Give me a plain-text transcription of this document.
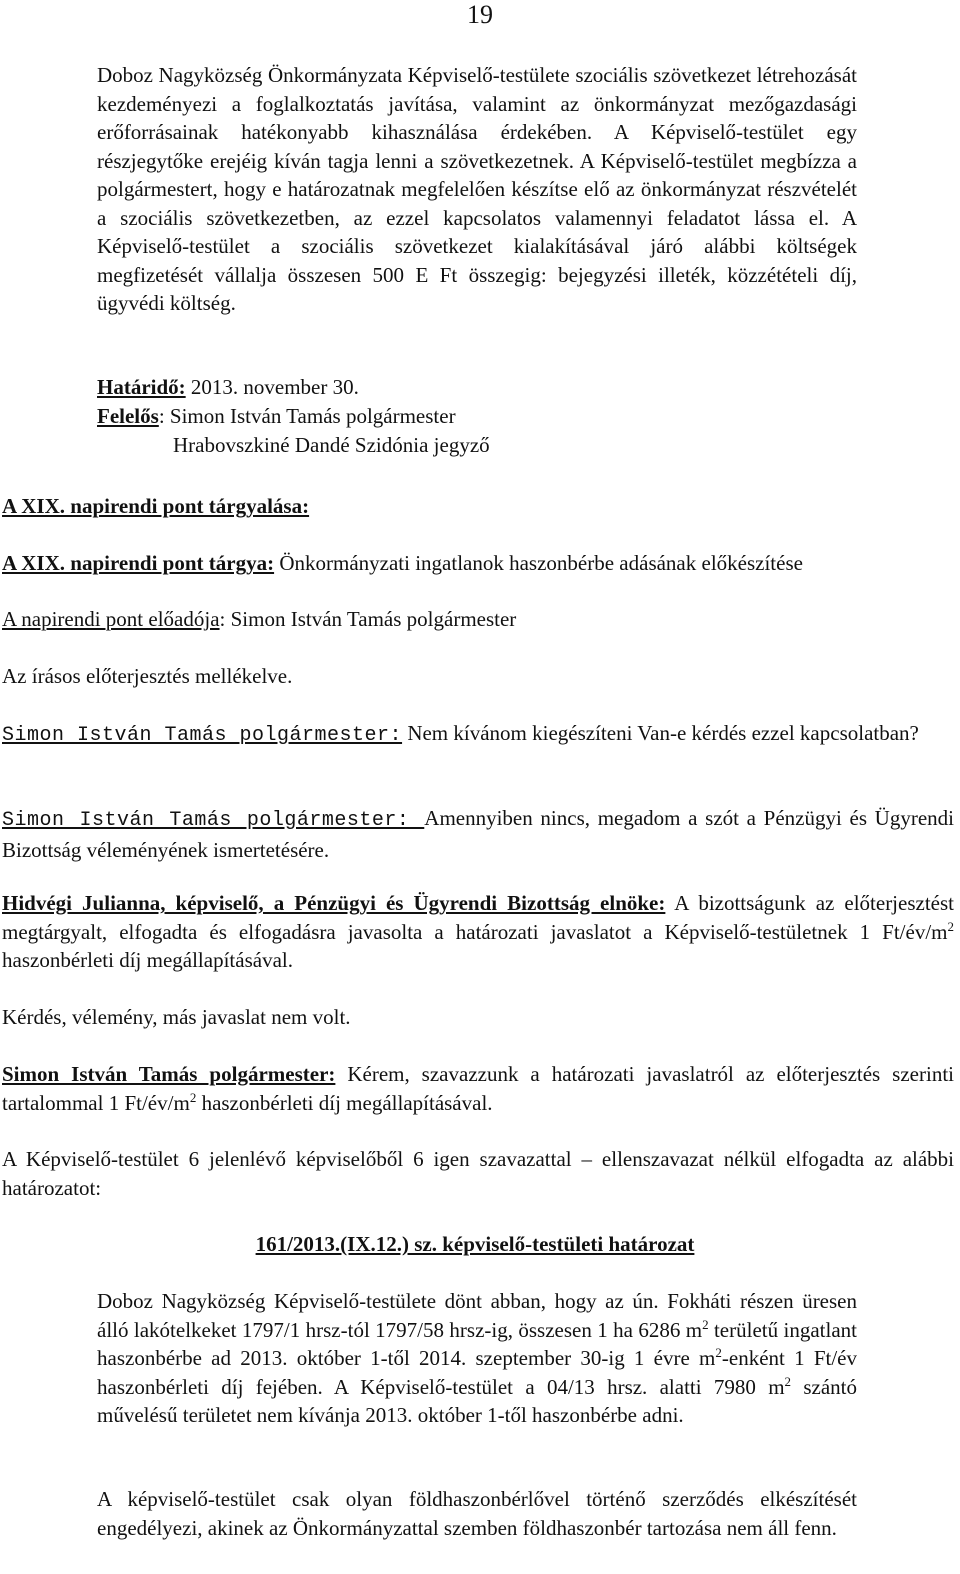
19

Doboz Nagyközség Önkormányzata Képviselő-testülete szociális szövetkezet létrehozását kezdeményezi a foglalkoztatás javítása, valamint az önkormányzat mezőgazdasági erőforrásainak hatékonyabb kihasználása érdekében. A Képviselő-testület egy részjegytőke erejéig kíván tagja lenni a szövetkezetnek. A Képviselő-testület megbízza a polgármestert, hogy e határozatnak megfelelően készítse elő az önkormányzat részvételét a szociális szövetkezetben, az ezzel kapcsolatos valamennyi feladatot lássa el. A Képviselő-testület a szociális szövetkezet kialakításával járó alábbi költségek megfizetését vállalja összesen 500 E Ft összegig: bejegyzési illeték, közzétételi díj, ügyvédi költség.

Határidő: 2013. november 30.

Felelős: Simon István Tamás polgármester

Hrabovszkiné Dandé Szidónia jegyző

A XIX. napirendi pont tárgyalása:

A XIX. napirendi pont tárgya: Önkormányzati ingatlanok haszonbérbe adásának előkészítése

A napirendi pont előadója: Simon István Tamás polgármester

Az írásos előterjesztés mellékelve.

Simon István Tamás polgármester: Nem kívánom kiegészíteni Van-e kérdés ezzel kapcsolatban?

Simon István Tamás polgármester: Amennyiben nincs, megadom a szót a Pénzügyi és Ügyrendi Bizottság véleményének ismertetésére.

Hidvégi Julianna, képviselő, a Pénzügyi és Ügyrendi Bizottság elnöke: A bizottságunk az előterjesztést megtárgyalt, elfogadta és elfogadásra javasolta a határozati javaslatot a Képviselő-testületnek 1 $Ft/év/m^2$ haszonbérleti díj megállapításával.

Kérdés, vélemény, más javaslat nem volt.

Simon István Tamás polgármester: Kérem, szavazzunk a határozati javaslatról az előterjesztés szerinti tartalommal 1 $Ft/év/m^2$ haszonbérleti díj megállapításával.

A Képviselő-testület 6 jelenlévő képviselőből 6 igen szavazattal – ellenszavazat nélkül elfogadta az alábbi határozatot:

161/2013.(IX.12.) sz. képviselő-testületi határozat

Doboz Nagyközség Képviselő-testülete dönt abban, hogy az ún. Fokháti részen üresen álló lakótelkeket 1797/1 hrsz-tól 1797/58 hrsz-ig, összesen 1 ha 6286 $m^2$ területű ingatlant haszonbérbe ad 2013. október 1-től 2014. szeptember 30-ig 1 évre $m^2$-enként 1 Ft/év haszonbérleti díj fejében. A Képviselő-testület a 04/13 hrsz. alatti 7980 $m^2$ szántó művelésű területet nem kívánja 2013. október 1-től haszonbérbe adni.

A képviselő-testület csak olyan földhaszonbérlővel történő szerződés elkészítését engedélyezi, akinek az Önkormányzattal szemben földhaszonbér tartozása nem áll fenn.
